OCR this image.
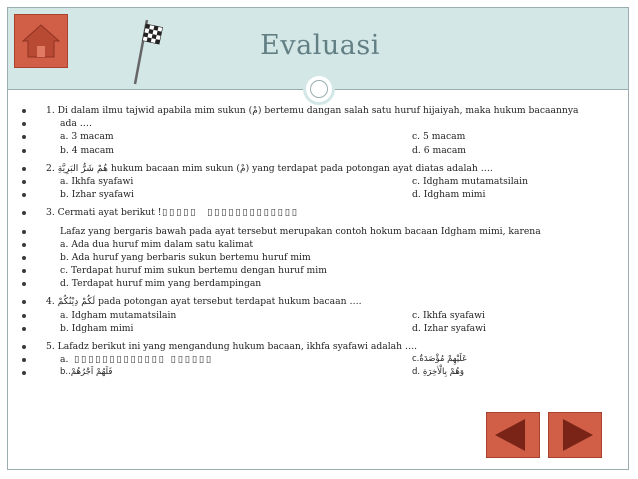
Evaluasi
1. Di dalam ilmu tajwid apabila mim sukun (مْ) bertemu dangan salah satu huruf hijaiyah, maka hukum bacaannya
ada ….
a. 3 macam	c. 5 macam
b. 4 macam	d. 6 macam
2. هُمْ شَرُّ البَرِيَّةِ hukum bacaan mim sukun (مْ) yang terdapat pada potongan ayat diatas adalah ….
a. Ikhfa syafawi	c. Idgham mutamatsilain
b. Izhar syafawi	d. Idgham mimi
3. Cermati ayat berikut ! ▯▯▯▯▯  ▯▯▯▯▯▯▯▯▯▯▯▯▯
Lafaz yang bergaris bawah pada ayat tersebut merupakan contoh hokum bacaan Idgham mimi, karena
a. Ada dua huruf mim dalam satu kalimat
b. Ada huruf yang berbaris sukun bertemu huruf mim
c. Terdapat huruf mim sukun bertemu dengan huruf mim
d. Terdapat huruf mim yang berdampingan
4. لَكُمْ دِيْنُكُمْ pada potongan ayat tersebut terdapat hukum bacaan ….
a. Idgham mutamatsilain	c. Ikhfa syafawi
b. Idgham mimi	d. Izhar syafawi
5. Lafadz berikut ini yang mengandung hukum bacaan, ikhfa syafawi adalah ….
a. ▯▯▯▯▯▯▯▯▯▯▯▯▯ ▯▯▯▯▯▯	c.عَلَيْهِمْ مُؤْصَدَةٌ
b..فَلَهُمْ اَجْرُهُمْ	d. وَهُمْ بِالْاٰخِرَةِ
